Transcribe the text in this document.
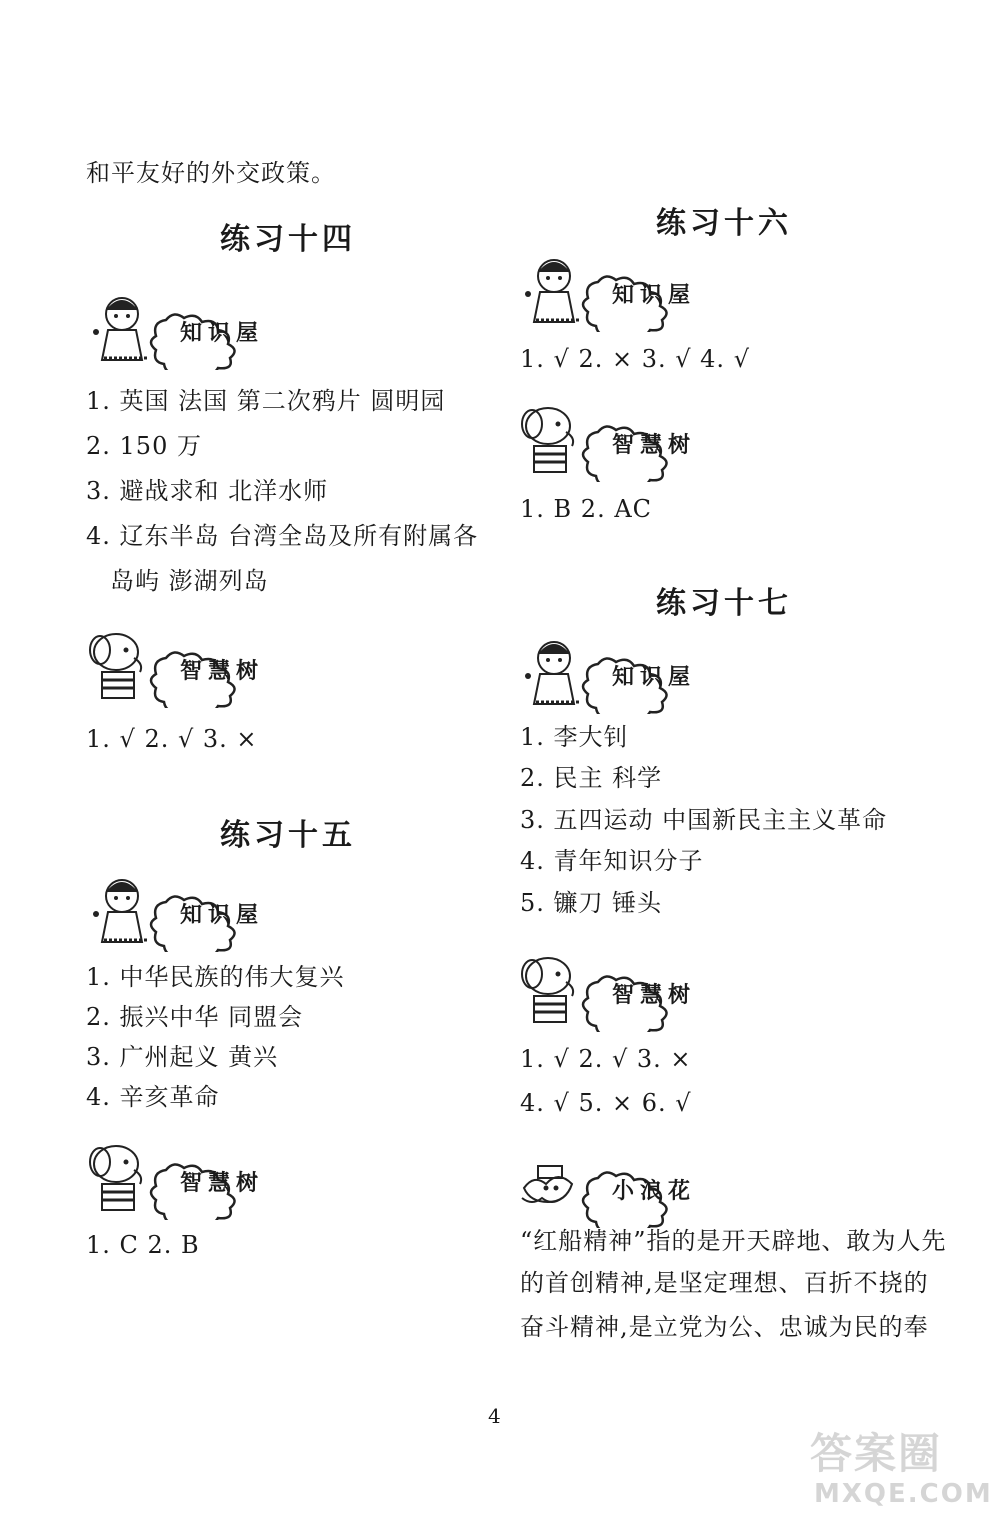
和平友好的外交政策。
练习十四
知识屋
1. 英国 法国 第二次鸦片 圆明园
2. 150 万
3. 避战求和 北洋水师
4. 辽东半岛 台湾全岛及所有附属各
岛屿 澎湖列岛
智慧树
1. √ 2. √ 3. ×
练习十五
知识屋
1. 中华民族的伟大复兴
2. 振兴中华 同盟会
3. 广州起义 黄兴
4. 辛亥革命
智慧树
1. C 2. B
练习十六
知识屋
1. √ 2. × 3. √ 4. √
智慧树
1. B 2. AC
练习十七
知识屋
1. 李大钊
2. 民主 科学
3. 五四运动 中国新民主主义革命
4. 青年知识分子
5. 镰刀 锤头
智慧树
1. √ 2. √ 3. ×
4. √ 5. × 6. √
小浪花
“红船精神”指的是开天辟地、敢为人先
的首创精神,是坚定理想、百折不挠的
奋斗精神,是立党为公、忠诚为民的奉
4
答案圈
MXQE.COM
